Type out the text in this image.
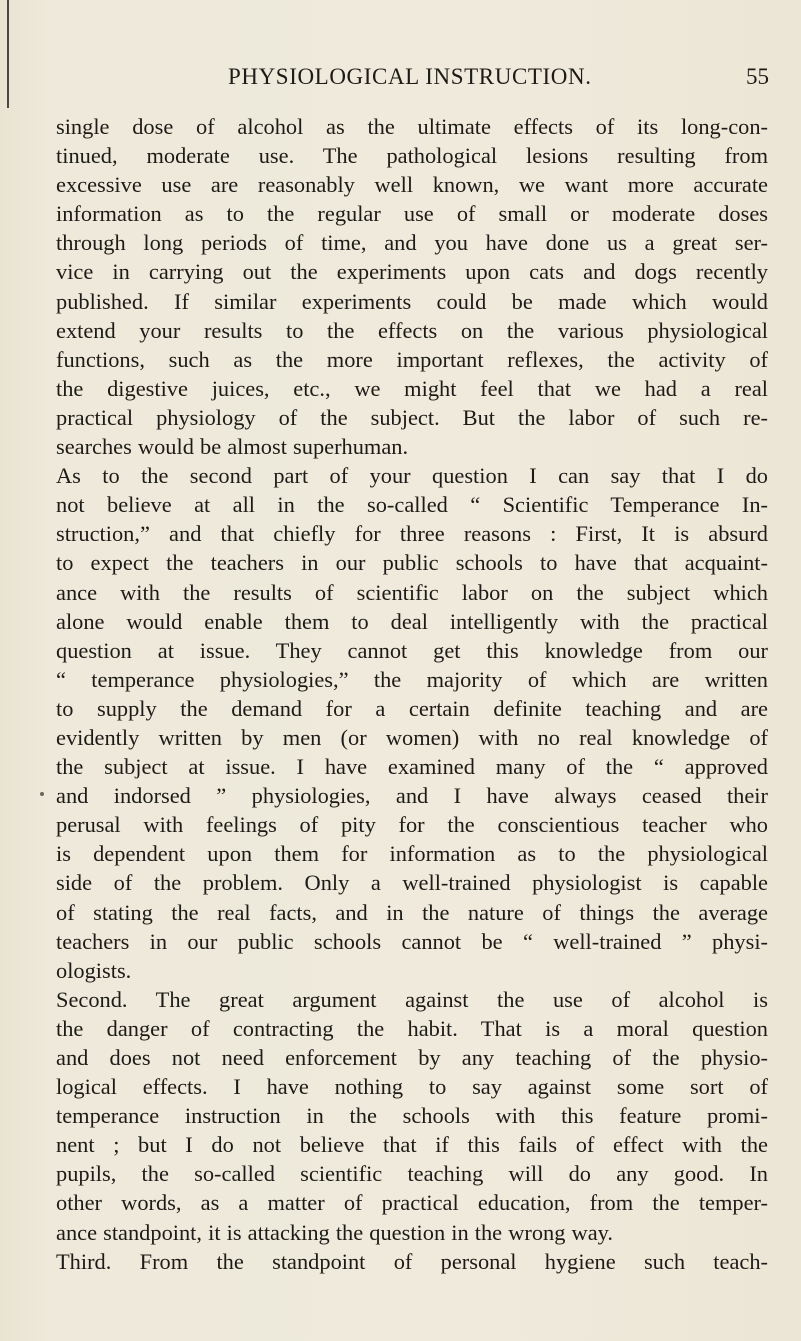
PHYSIOLOGICAL INSTRUCTION.	55
single dose of alcohol as the ultimate effects of its long-con-
tinued, moderate use. The pathological lesions resulting from
excessive use are reasonably well known, we want more accurate
information as to the regular use of small or moderate doses
through long periods of time, and you have done us a great ser-
vice in carrying out the experiments upon cats and dogs recently
published. If similar experiments could be made which would
extend your results to the effects on the various physiological
functions, such as the more important reflexes, the activity of
the digestive juices, etc., we might feel that we had a real
practical physiology of the subject. But the labor of such re-
searches would be almost superhuman.
As to the second part of your question I can say that I do
not believe at all in the so-called “ Scientific Temperance In-
struction,” and that chiefly for three reasons : First, It is absurd
to expect the teachers in our public schools to have that acquaint-
ance with the results of scientific labor on the subject which
alone would enable them to deal intelligently with the practical
question at issue. They cannot get this knowledge from our
“ temperance physiologies,” the majority of which are written
to supply the demand for a certain definite teaching and are
evidently written by men (or women) with no real knowledge of
the subject at issue. I have examined many of the “ approved
and indorsed ” physiologies, and I have always ceased their
perusal with feelings of pity for the conscientious teacher who
is dependent upon them for information as to the physiological
side of the problem. Only a well-trained physiologist is capable
of stating the real facts, and in the nature of things the average
teachers in our public schools cannot be “ well-trained ” physi-
ologists.
Second. The great argument against the use of alcohol is
the danger of contracting the habit. That is a moral question
and does not need enforcement by any teaching of the physio-
logical effects. I have nothing to say against some sort of
temperance instruction in the schools with this feature promi-
nent ; but I do not believe that if this fails of effect with the
pupils, the so-called scientific teaching will do any good. In
other words, as a matter of practical education, from the temper-
ance standpoint, it is attacking the question in the wrong way.
Third. From the standpoint of personal hygiene such teach-
